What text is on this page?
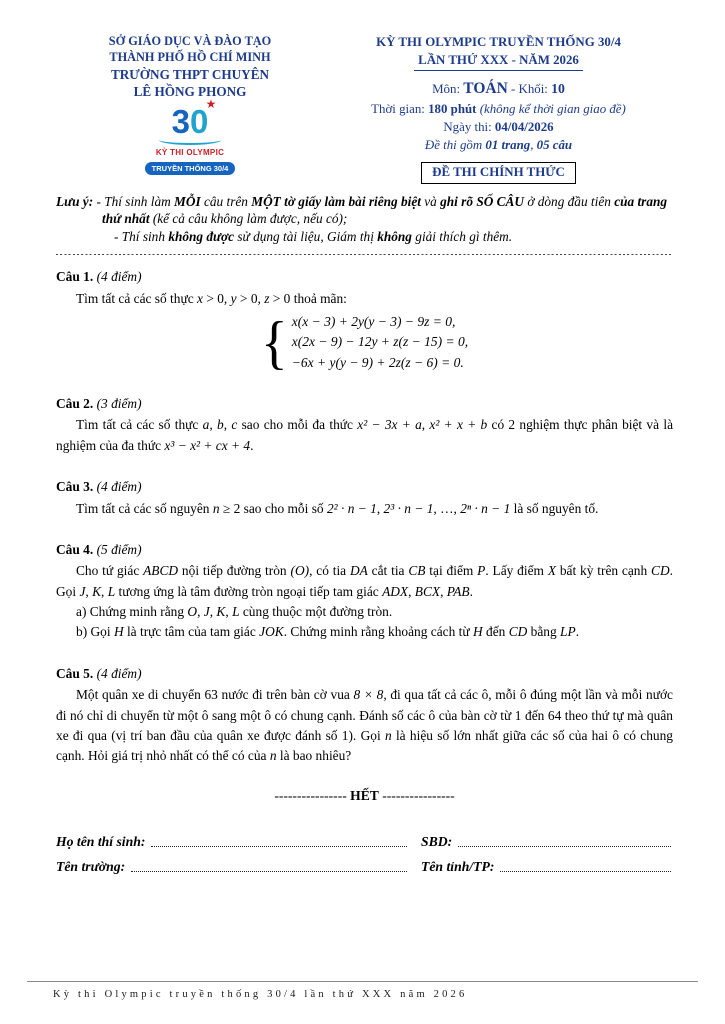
SỞ GIÁO DỤC VÀ ĐÀO TẠO
THÀNH PHỐ HỒ CHÍ MINH
TRƯỜNG THPT CHUYÊN
LÊ HỒNG PHONG
30
★
KỲ THI OLYMPIC
TRUYỀN THỐNG 30/4
KỲ THI OLYMPIC TRUYỀN THỐNG 30/4
LẦN THỨ XXX - NĂM 2026
Môn: TOÁN - Khối: 10
Thời gian: 180 phút (không kể thời gian giao đề)
Ngày thi: 04/04/2026
Đề thi gồm 01 trang, 05 câu
ĐỀ THI CHÍNH THỨC

Lưu ý: - Thí sinh làm MỖI câu trên MỘT tờ giấy làm bài riêng biệt và ghi rõ SỐ CÂU ở dòng đầu tiên của trang thứ nhất (kể cả câu không làm được, nếu có);

- Thí sinh không được sử dụng tài liệu, Giám thị không giải thích gì thêm.

Câu 1. (4 điểm)

Tìm tất cả các số thực x > 0, y > 0, z > 0 thoả mãn:

{ x(x − 3) + 2y(y − 3) − 9z = 0,
x(2x − 9) − 12y + z(z − 15) = 0,
−6x + y(y − 9) + 2z(z − 6) = 0.

Câu 2. (3 điểm)

Tìm tất cả các số thực a, b, c sao cho mỗi đa thức x² − 3x + a, x² + x + b có 2 nghiệm thực phân biệt và là nghiệm của đa thức x³ − x² + cx + 4.

Câu 3. (4 điểm)

Tìm tất cả các số nguyên n ≥ 2 sao cho mỗi số 2² · n − 1, 2³ · n − 1, …, 2ⁿ · n − 1 là số nguyên tố.

Câu 4. (5 điểm)

Cho tứ giác ABCD nội tiếp đường tròn (O), có tia DA cắt tia CB tại điểm P. Lấy điểm X bất kỳ trên cạnh CD. Gọi J, K, L tương ứng là tâm đường tròn ngoại tiếp tam giác ADX, BCX, PAB.

a) Chứng minh rằng O, J, K, L cùng thuộc một đường tròn.

b) Gọi H là trực tâm của tam giác JOK. Chứng minh rằng khoảng cách từ H đến CD bằng LP.

Câu 5. (4 điểm)

Một quân xe di chuyển 63 nước đi trên bàn cờ vua 8 × 8, đi qua tất cả các ô, mỗi ô đúng một lần và mỗi nước đi nó chỉ di chuyển từ một ô sang một ô có chung cạnh. Đánh số các ô của bàn cờ từ 1 đến 64 theo thứ tự mà quân xe đi qua (vị trí ban đầu của quân xe được đánh số 1). Gọi n là hiệu số lớn nhất giữa các số của hai ô có chung cạnh. Hỏi giá trị nhỏ nhất có thể có của n là bao nhiêu?

---------------- HẾT ----------------
Họ tên thí sinh:	SBD:
Tên trường:	Tên tỉnh/TP:
Kỳ thi Olympic truyền thống 30/4 lần thứ XXX năm 2026
